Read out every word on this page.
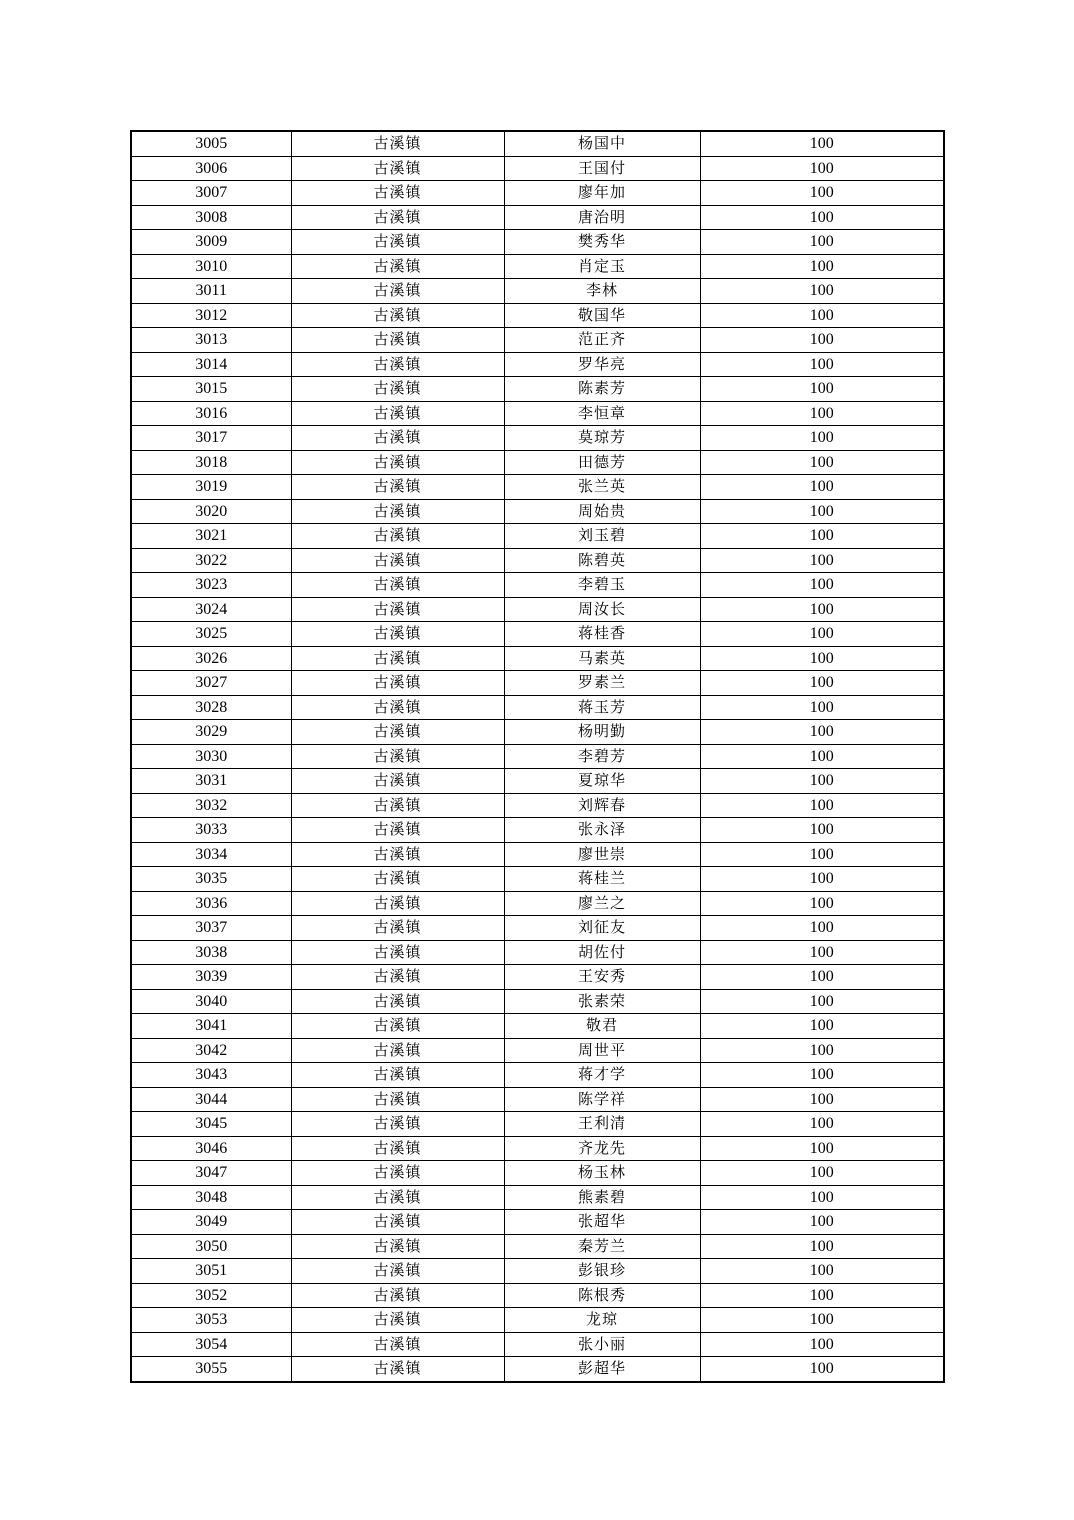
3005	古溪镇	杨国中	100
3006	古溪镇	王国付	100
3007	古溪镇	廖年加	100
3008	古溪镇	唐治明	100
3009	古溪镇	樊秀华	100
3010	古溪镇	肖定玉	100
3011	古溪镇	李林	100
3012	古溪镇	敬国华	100
3013	古溪镇	范正齐	100
3014	古溪镇	罗华亮	100
3015	古溪镇	陈素芳	100
3016	古溪镇	李恒章	100
3017	古溪镇	莫琼芳	100
3018	古溪镇	田德芳	100
3019	古溪镇	张兰英	100
3020	古溪镇	周始贵	100
3021	古溪镇	刘玉碧	100
3022	古溪镇	陈碧英	100
3023	古溪镇	李碧玉	100
3024	古溪镇	周汝长	100
3025	古溪镇	蒋桂香	100
3026	古溪镇	马素英	100
3027	古溪镇	罗素兰	100
3028	古溪镇	蒋玉芳	100
3029	古溪镇	杨明勤	100
3030	古溪镇	李碧芳	100
3031	古溪镇	夏琼华	100
3032	古溪镇	刘辉春	100
3033	古溪镇	张永泽	100
3034	古溪镇	廖世崇	100
3035	古溪镇	蒋桂兰	100
3036	古溪镇	廖兰之	100
3037	古溪镇	刘征友	100
3038	古溪镇	胡佐付	100
3039	古溪镇	王安秀	100
3040	古溪镇	张素荣	100
3041	古溪镇	敬君	100
3042	古溪镇	周世平	100
3043	古溪镇	蒋才学	100
3044	古溪镇	陈学祥	100
3045	古溪镇	王利清	100
3046	古溪镇	齐龙先	100
3047	古溪镇	杨玉林	100
3048	古溪镇	熊素碧	100
3049	古溪镇	张超华	100
3050	古溪镇	秦芳兰	100
3051	古溪镇	彭银珍	100
3052	古溪镇	陈根秀	100
3053	古溪镇	龙琼	100
3054	古溪镇	张小丽	100
3055	古溪镇	彭超华	100
